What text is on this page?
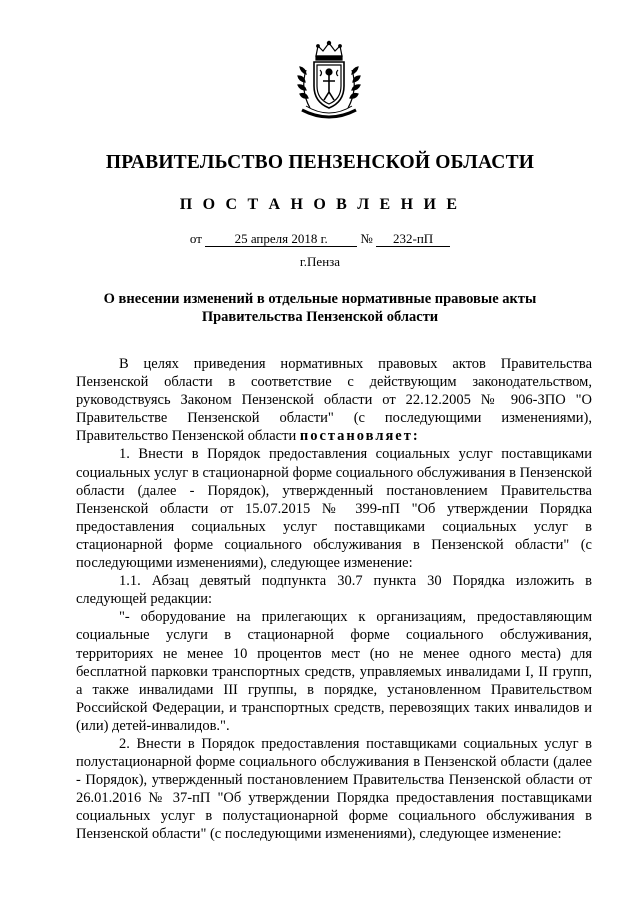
ПРАВИТЕЛЬСТВО ПЕНЗЕНСКОЙ ОБЛАСТИ
П О С Т А Н О В Л Е Н И Е
от	25 апреля 2018 г.	№ 232-пП
г.Пенза
О внесении изменений в отдельные нормативные правовые акты
Правительства Пензенской области

В целях приведения нормативных правовых актов Правительства Пензенской области в соответствие с действующим законодательством, руководствуясь Законом Пензенской области от 22.12.2005 № 906-ЗПО "О Правительстве Пензенской области" (с последующими изменениями), Правительство Пензенской области постановляет:

1. Внести в Порядок предоставления социальных услуг поставщиками социальных услуг в стационарной форме социального обслуживания в Пензенской области (далее - Порядок), утвержденный постановлением Правительства Пензенской области от 15.07.2015 № 399-пП "Об утверждении Порядка предоставления социальных услуг поставщиками социальных услуг в стационарной форме социального обслуживания в Пензенской области" (с последующими изменениями), следующее изменение:

1.1. Абзац девятый подпункта 30.7 пункта 30 Порядка изложить в следующей редакции:

"- оборудование на прилегающих к организациям, предоставляющим социальные услуги в стационарной форме социального обслуживания, территориях не менее 10 процентов мест (но не менее одного места) для бесплатной парковки транспортных средств, управляемых инвалидами I, II групп, а также инвалидами III группы, в порядке, установленном Правительством Российской Федерации, и транспортных средств, перевозящих таких инвалидов и (или) детей-инвалидов.".

2. Внести в Порядок предоставления поставщиками социальных услуг в полустационарной форме социального обслуживания в Пензенской области (далее - Порядок), утвержденный постановлением Правительства Пензенской области от 26.01.2016 № 37-пП "Об утверждении Порядка предоставления поставщиками социальных услуг в полустационарной форме социального обслуживания в Пензенской области" (с последующими изменениями), следующее изменение:
